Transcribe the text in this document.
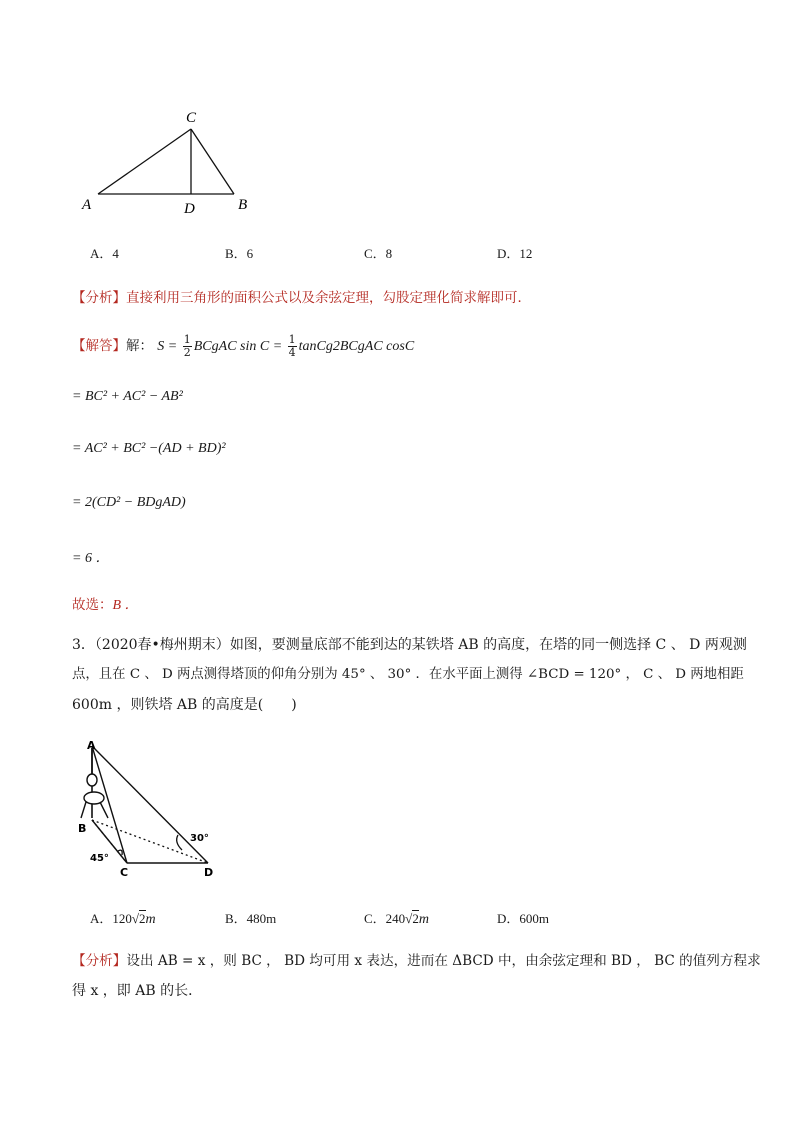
C
A	D	B
A．4	B．6	C．8	D．12
【分析】直接利用三角形的面积公式以及余弦定理，勾股定理化简求解即可．
【解答】解： $S = \frac{1}{2}$ BCgAC $\sin C = \frac{1}{4}$ tanCg2BCgAC cosC
= BC² + AC² − AB²
= AC² + BC² −(AD + BD)²
= 2(CD² − BDgAD)
= 6 ．
故选：B ．
3．（2020春•梅州期末）如图，要测量底部不能到达的某铁塔 AB 的高度，在塔的同一侧选择 C 、 D 两观测
点，且在 C 、 D 两点测得塔顶的仰角分别为 45° 、 30° ．在水平面上测得 ∠BCD = 120° ， C 、 D 两地相距
600m ，则铁塔 AB 的高度是(　　)
A
B
C	D
30°
45°
A．120√2m	B．480m	C．240√2m	D．600m
【分析】设出 AB = x ，则 BC ， BD 均可用 x 表达，进而在 ΔBCD 中，由余弦定理和 BD ， BC 的值列方程求
得 x ，即 AB 的长．
